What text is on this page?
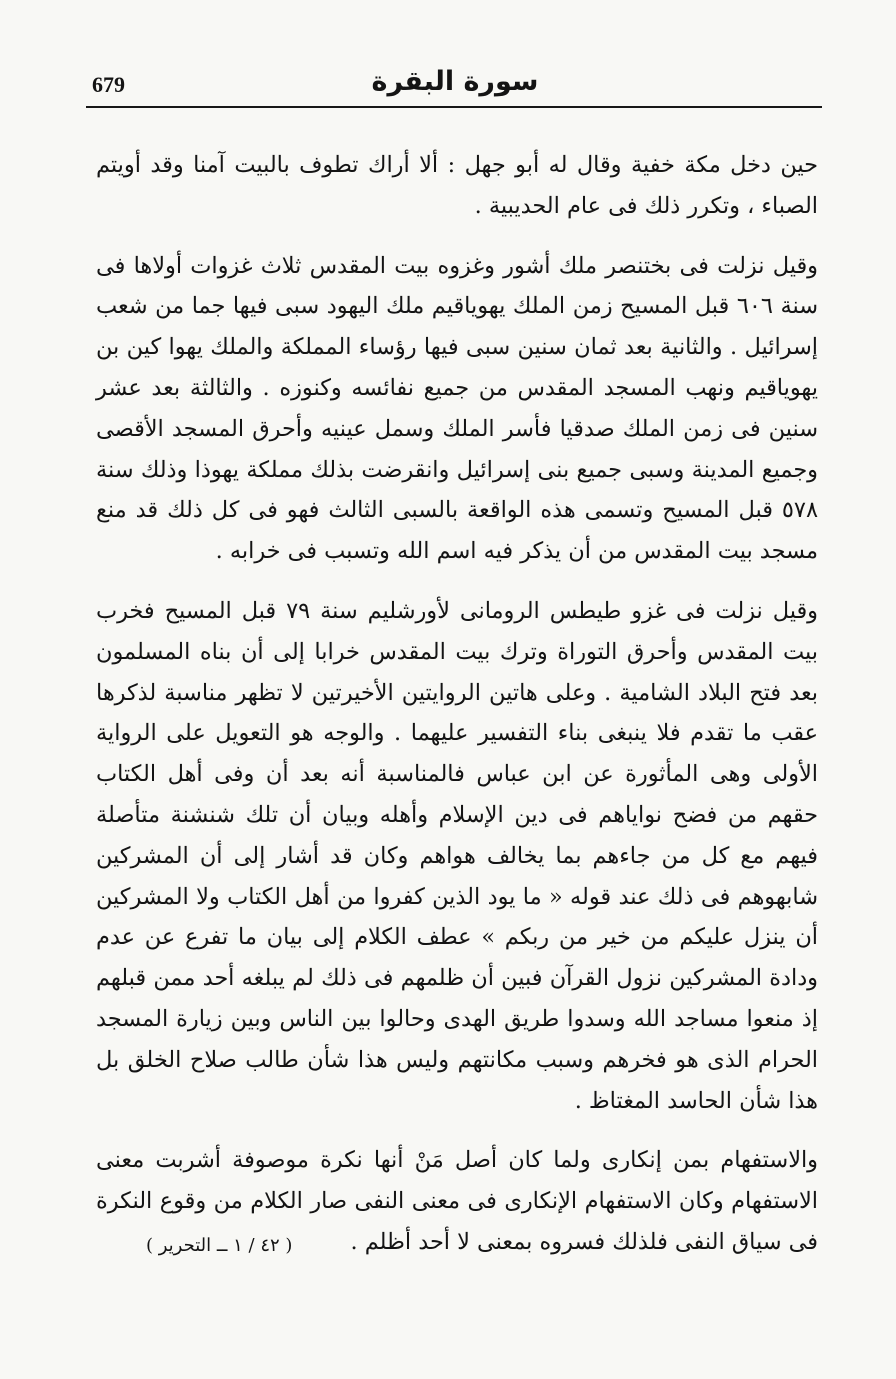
679	سورة البقرة

حين دخل مكة خفية وقال له أبو جهل : ألا أراك تطوف بالبيت آمنا وقد أويتم الصباء ، وتكرر ذلك فى عام الحديبية .

وقيل نزلت فى بختنصر ملك أشور وغزوه بيت المقدس ثلاث غزوات أولاها فى سنة ٦٠٦ قبل المسيح زمن الملك يهوياقيم ملك اليهود سبى فيها جما من شعب إسرائيل . والثانية بعد ثمان سنين سبى فيها رؤساء المملكة والملك يهوا كين بن يهوياقيم ونهب المسجد المقدس من جميع نفائسه وكنوزه . والثالثة بعد عشر سنين فى زمن الملك صدقيا فأسر الملك وسمل عينيه وأحرق المسجد الأقصى وجميع المدينة وسبى جميع بنى إسرائيل وانقرضت بذلك مملكة يهوذا وذلك سنة ٥٧٨ قبل المسيح وتسمى هذه الواقعة بالسبى الثالث فهو فى كل ذلك قد منع مسجد بيت المقدس من أن يذكر فيه اسم الله وتسبب فى خرابه .

وقيل نزلت فى غزو طيطس الرومانى لأورشليم سنة ٧٩ قبل المسيح فخرب بيت المقدس وأحرق التوراة وترك بيت المقدس خرابا إلى أن بناه المسلمون بعد فتح البلاد الشامية . وعلى هاتين الروايتين الأخيرتين لا تظهر مناسبة لذكرها عقب ما تقدم فلا ينبغى بناء التفسير عليهما . والوجه هو التعويل على الرواية الأولى وهى المأثورة عن ابن عباس فالمناسبة أنه بعد أن وفى أهل الكتاب حقهم من فضح نواياهم فى دين الإسلام وأهله وبيان أن تلك شنشنة متأصلة فيهم مع كل من جاءهم بما يخالف هواهم وكان قد أشار إلى أن المشركين شابهوهم فى ذلك عند قوله « ما يود الذين كفروا من أهل الكتاب ولا المشركين أن ينزل عليكم من خير من ربكم » عطف الكلام إلى بيان ما تفرع عن عدم ودادة المشركين نزول القرآن فبين أن ظلمهم فى ذلك لم يبلغه أحد ممن قبلهم إذ منعوا مساجد الله وسدوا طريق الهدى وحالوا بين الناس وبين زيارة المسجد الحرام الذى هو فخرهم وسبب مكانتهم وليس هذا شأن طالب صلاح الخلق بل هذا شأن الحاسد المغتاظ .

والاستفهام بمن إنكارى ولما كان أصل مَنْ أنها نكرة موصوفة أشربت معنى الاستفهام وكان الاستفهام الإنكارى فى معنى النفى صار الكلام من وقوع النكرة فى سياق النفى فلذلك فسروه بمعنى لا أحد أظلم .

( ٤٢ / ١ ــ التحرير )
